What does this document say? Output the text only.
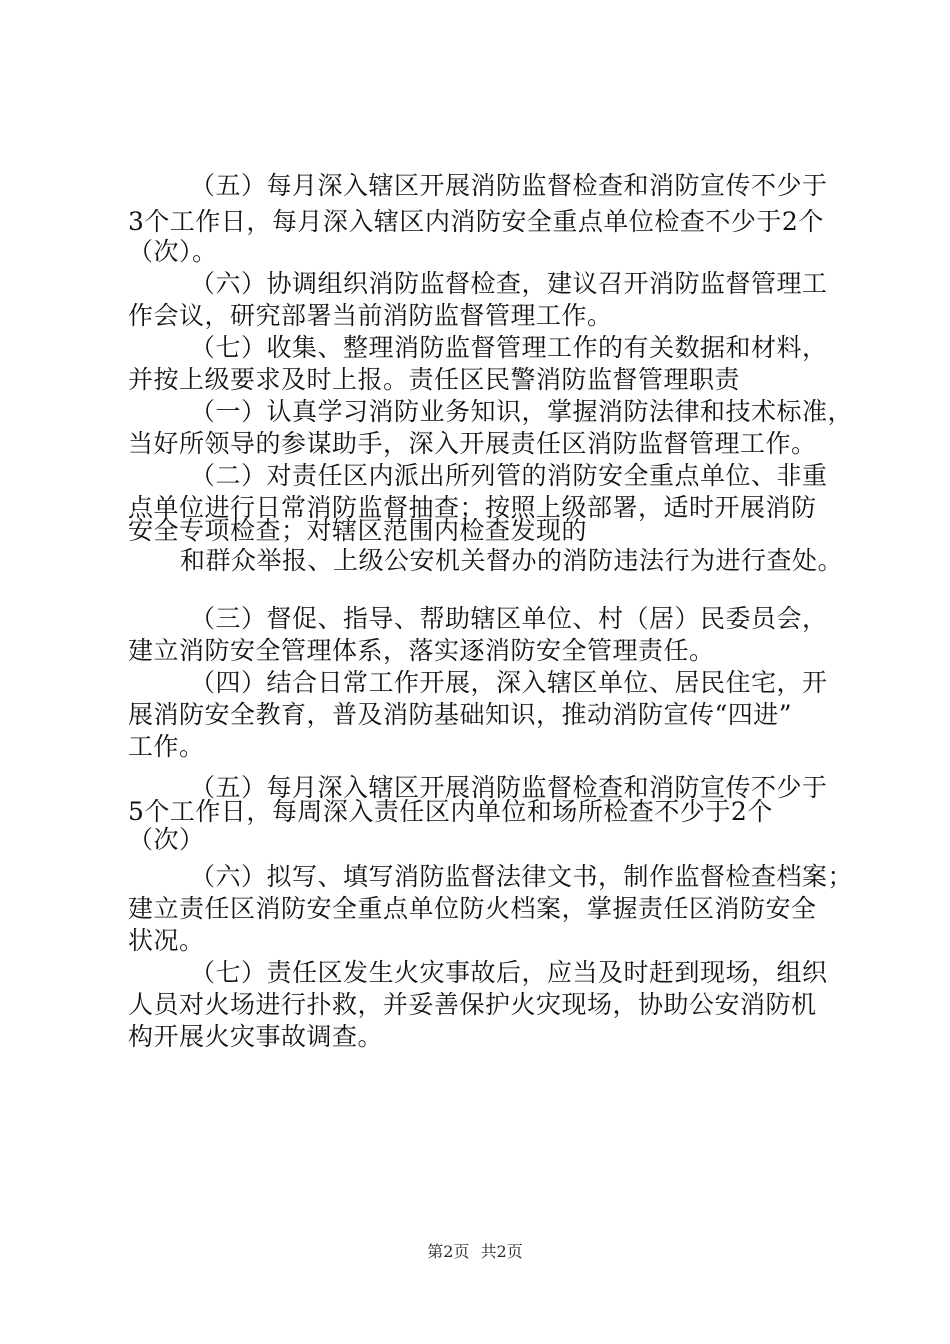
（五）每月深入辖区开展消防监督检查和消防宣传不少于
3个工作日，每月深入辖区内消防安全重点单位检查不少于2个
（次）。
（六）协调组织消防监督检查，建议召开消防监督管理工
作会议，研究部署当前消防监督管理工作。
（七）收集、整理消防监督管理工作的有关数据和材料，
并按上级要求及时上报。责任区民警消防监督管理职责
（一）认真学习消防业务知识，掌握消防法律和技术标准，
当好所领导的参谋助手，深入开展责任区消防监督管理工作。
（二）对责任区内派出所列管的消防安全重点单位、非重
点单位进行日常消防监督抽查；按照上级部署，适时开展消防
安全专项检查；对辖区范围内检查发现的
和群众举报、上级公安机关督办的消防违法行为进行查处。
（三）督促、指导、帮助辖区单位、村（居）民委员会，
建立消防安全管理体系，落实逐消防安全管理责任。
（四）结合日常工作开展，深入辖区单位、居民住宅，开
展消防安全教育，普及消防基础知识，推动消防宣传“四进”
工作。
（五）每月深入辖区开展消防监督检查和消防宣传不少于
5个工作日，每周深入责任区内单位和场所检查不少于2个
（次）
（六）拟写、填写消防监督法律文书，制作监督检查档案；
建立责任区消防安全重点单位防火档案，掌握责任区消防安全
状况。
（七）责任区发生火灾事故后，应当及时赶到现场，组织
人员对火场进行扑救，并妥善保护火灾现场，协助公安消防机
构开展火灾事故调查。
第2页 共2页
